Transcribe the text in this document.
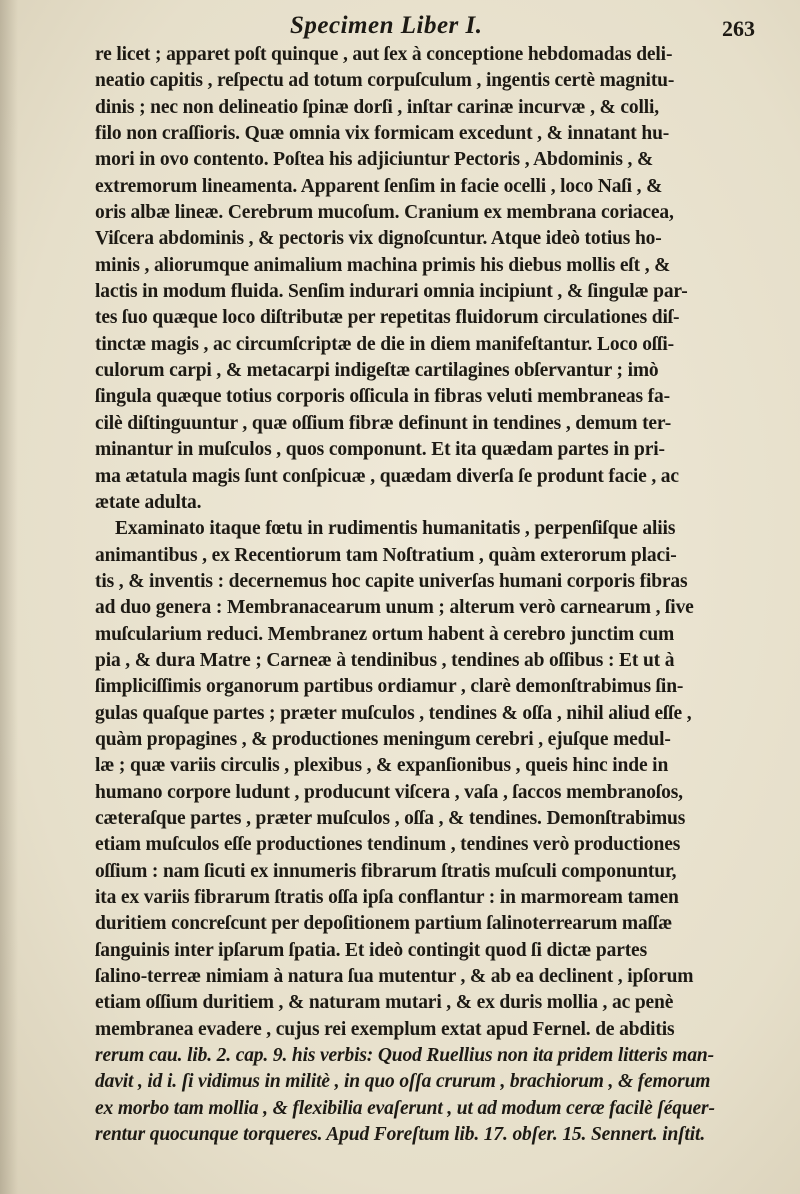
Specimen Liber I.	263
re licet ; apparet poſt quinque , aut ſex à conceptione hebdomadas deli-
neatio capitis , reſpectu ad totum corpuſculum , ingentis certè magnitu-
dinis ; nec non delineatio ſpinæ dorſi , inſtar carinæ incurvæ , & colli,
filo non craſſioris. Quæ omnia vix formicam excedunt , & innatant hu-
mori in ovo contento. Poſtea his adjiciuntur Pectoris , Abdominis , &
extremorum lineamenta. Apparent ſenſim in facie ocelli , loco Naſi , &
oris albæ lineæ. Cerebrum mucoſum. Cranium ex membrana coriacea,
Viſcera abdominis , & pectoris vix dignoſcuntur. Atque ideò totius ho-
minis , aliorumque animalium machina primis his diebus mollis eſt , &
lactis in modum fluida. Senſim indurari omnia incipiunt , & ſingulæ par-
tes ſuo quæque loco diſtributæ per repetitas fluidorum circulationes diſ-
tinctæ magis , ac circumſcriptæ de die in diem manifeſtantur. Loco oſſi-
culorum carpi , & metacarpi indigeſtæ cartilagines obſervantur ; imò
ſingula quæque totius corporis oſſicula in fibras veluti membraneas fa-
cilè diſtinguuntur , quæ oſſium fibræ definunt in tendines , demum ter-
minantur in muſculos , quos componunt. Et ita quædam partes in pri-
ma ætatula magis ſunt conſpicuæ , quædam diverſa ſe produnt facie , ac
ætate adulta.
Examinato itaque fœtu in rudimentis humanitatis , perpenſiſque aliis
animantibus , ex Recentiorum tam Noſtratium , quàm exterorum placi-
tis , & inventis : decernemus hoc capite univerſas humani corporis fibras
ad duo genera : Membranacearum unum ; alterum verò carnearum , ſive
muſcularium reduci. Membranez ortum habent à cerebro junctim cum
pia , & dura Matre ; Carneæ à tendinibus , tendines ab oſſibus : Et ut à
ſimpliciſſimis organorum partibus ordiamur , clarè demonſtrabimus ſin-
gulas quaſque partes ; præter muſculos , tendines & oſſa , nihil aliud eſſe ,
quàm propagines , & productiones meningum cerebri , ejuſque medul-
læ ; quæ variis circulis , plexibus , & expanſionibus , queis hinc inde in
humano corpore ludunt , producunt viſcera , vaſa , ſaccos membranoſos,
cæteraſque partes , præter muſculos , oſſa , & tendines. Demonſtrabimus
etiam muſculos eſſe productiones tendinum , tendines verò productiones
oſſium : nam ſicuti ex innumeris fibrarum ſtratis muſculi componuntur,
ita ex variis fibrarum ſtratis oſſa ipſa conflantur : in marmoream tamen
duritiem concreſcunt per depoſitionem partium ſalinoterrearum maſſæ
ſanguinis inter ipſarum ſpatia. Et ideò contingit quod ſi dictæ partes
ſalino-terreæ nimiam à natura ſua mutentur , & ab ea declinent , ipſorum
etiam oſſium duritiem , & naturam mutari , & ex duris mollia , ac penè
membranea evadere , cujus rei exemplum extat apud Fernel. de abditis
rerum cau. lib. 2. cap. 9. his verbis: Quod Ruellius non ita pridem litteris man-
davit , id i. ſi vidimus in militè , in quo oſſa crurum , brachiorum , & femorum
ex morbo tam mollia , & flexibilia evaſerunt , ut ad modum ceræ facilè ſéquer-
rentur quocunque torqueres. Apud Foreſtum lib. 17. obſer. 15. Sennert. inſtit.
